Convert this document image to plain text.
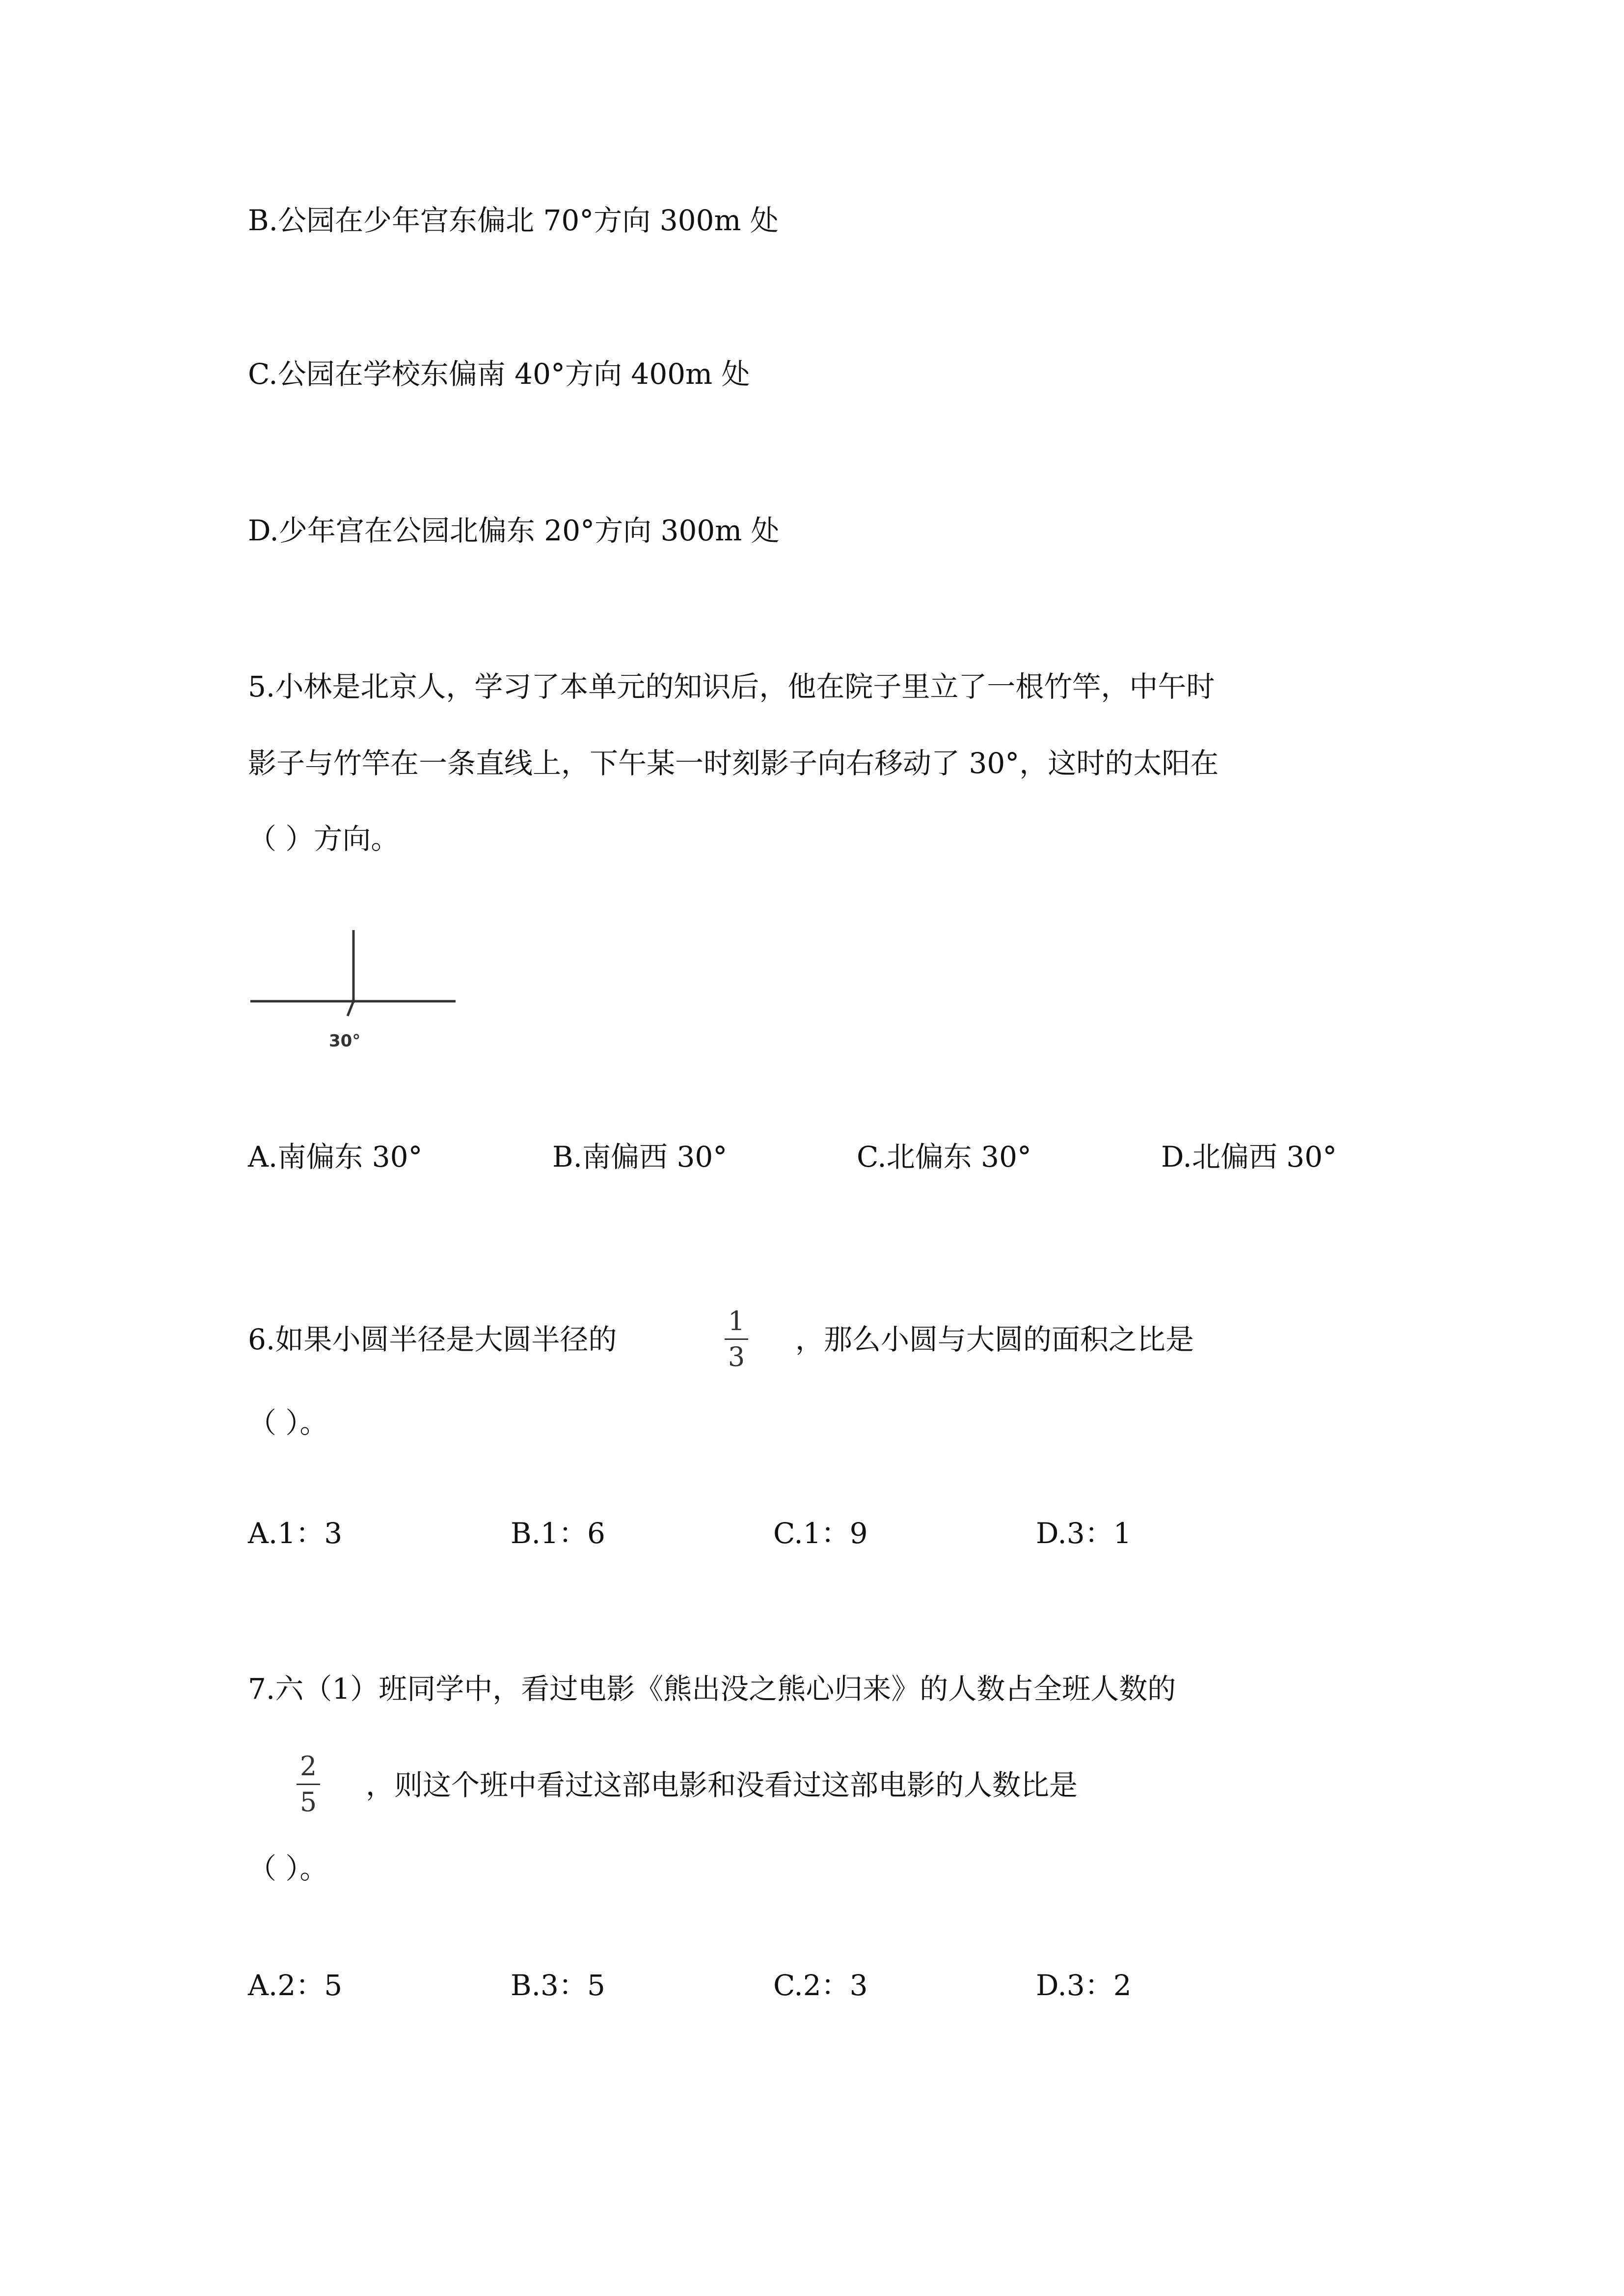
B.公园在少年宫东偏北 70°方向 300m 处
C.公园在学校东偏南 40°方向 400m 处
D.少年宫在公园北偏东 20°方向 300m 处
5.小林是北京人，学习了本单元的知识后，他在院子里立了一根竹竿，中午时
影子与竹竿在一条直线上，下午某一时刻影子向右移动了 30°，这时的太阳在
（ ）方向。
30°
A.南偏东 30°	B.南偏西 30°	C.北偏东 30°	D.北偏西 30°
6.如果小圆半径是大圆半径的
1
3
，那么小圆与大圆的面积之比是
（ ）。
A.1：3	B.1：6	C.1：9	D.3：1
7.六（1）班同学中，看过电影《熊出没之熊心归来》的人数占全班人数的
2
5
，则这个班中看过这部电影和没看过这部电影的人数比是
（ ）。
A.2：5	B.3：5	C.2：3	D.3：2
